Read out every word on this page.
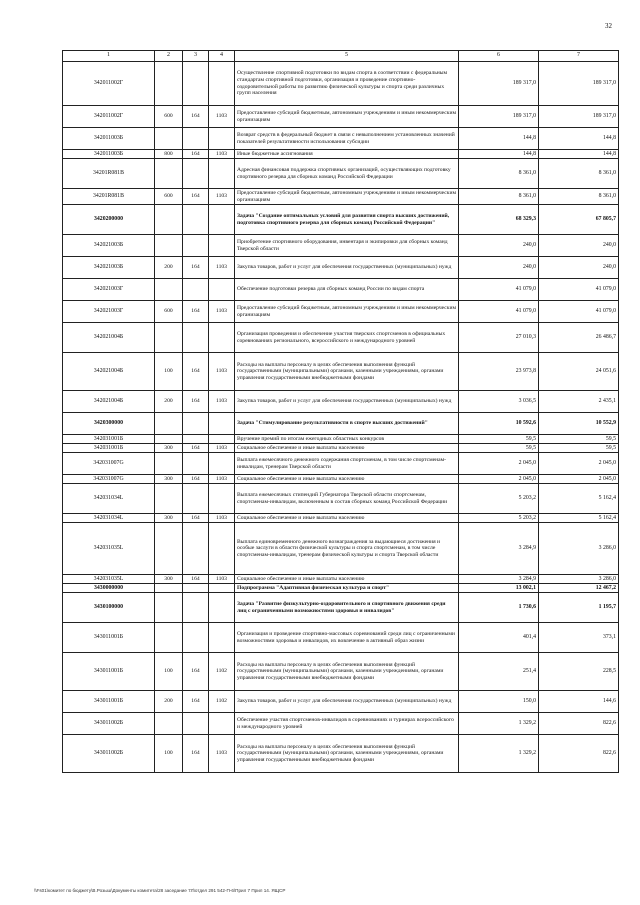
32
1	2	3	4	5	6	7
342011002Г				Осуществление спортивной подготовки по видам спорта в соответствии с федеральным стандартам спортивной подготовки, организация и проведение спортивно-оздоровительной работы по развитию физической культуры и спорта среди различных групп населения	189 317,0	189 317,0
342011002Г	600	164	1103	Предоставление субсидий бюджетным, автономным учреждениям и иным некоммерческим организациям	189 317,0	189 317,0
342011003Б				Возврат средств в федеральный бюджет в связи с невыполнением установленных значений показателей результативности использования субсидии	144,8	144,8
342011003Б	800	164	1103	Иные бюджетные ассигнования	144,8	144,8
34201R081В				Адресная финансовая поддержка спортивных организаций, осуществляющих подготовку спортивного резерва для сборных команд Российской Федерации	8 361,0	8 361,0
34201R081В	600	164	1103	Предоставление субсидий бюджетным, автономным учреждениям и иным некоммерческим организациям	8 361,0	8 361,0
3420200000				Задача "Создание оптимальных условий для развития спорта высших достижений, подготовка спортивного резерва для сборных команд Российской Федерации"	68 329,3	67 805,7
342021003Б				Приобретение спортивного оборудования, инвентаря и экипировки для сборных команд Тверской области	240,0	240,0
342021003Б	200	164	1103	Закупка товаров, работ и услуг для обеспечения государственных (муниципальных) нужд	240,0	240,0
342021003Г				Обеспечение подготовки резерва для сборных команд России по видам спорта	41 079,0	41 079,0
342021003Г	600	164	1103	Предоставление субсидий бюджетным, автономным учреждениям и иным некоммерческим организациям	41 079,0	41 079,0
342021004Б				Организация проведения и обеспечение участия тверских спортсменов в официальных соревнованиях регионального, всероссийского и международного уровней	27 010,3	26 486,7
342021004Б	100	164	1103	Расходы на выплаты персоналу в целях обеспечения выполнения функций государственными (муниципальными) органами, казенными учреждениями, органами управления государственными внебюджетными фондами	23 973,8	24 051,6
342021004Б	200	164	1103	Закупка товаров, работ и услуг для обеспечения государственных (муниципальных) нужд	3 036,5	2 435,1
3420300000				Задача "Стимулирование результативности в спорте высших достижений"	10 592,6	10 552,9
342031001Б				Вручение премий по итогам ежегодных областных конкурсов	59,5	59,5
342031001Б	300	164	1103	Социальное обеспечение и иные выплаты населению	59,5	59,5
342031007G				Выплата ежемесячного денежного содержания спортсменам, в том числе спортсменам-инвалидам, тренерам Тверской области	2 045,0	2 045,0
342031007G	300	164	1103	Социальное обеспечение и иные выплаты населению	2 045,0	2 045,0
342031034L				Выплата ежемесячных стипендий Губернатора Тверской области спортсменам, спортсменам-инвалидам, включенным в состав сборных команд Российской Федерации	5 203,2	5 162,4
342031034L	300	164	1103	Социальное обеспечение и иные выплаты населению	5 203,2	5 162,4
342031035L				Выплата единовременного денежного вознаграждения за выдающиеся достижения и особые заслуги в области физической культуры и спорта спортсменам, в том числе спортсменам-инвалидам, тренерам физической культуры и спорта Тверской области	3 284,9	3 286,0
342031035L	300	164	1103	Социальное обеспечение и иные выплаты населению	3 284,9	3 286,0
3430000000				Подпрограмма "Адаптивная физическая культура и спорт"	13 002,1	12 467,2
3430100000				Задача "Развитие физкультурно-оздоровительного и спортивного движения среди лиц с ограниченными возможностями здоровья и инвалидов"	1 730,6	1 195,7
343011001Б				Организация и проведение спортивно-массовых соревнований среди лиц с ограниченными возможностями здоровья и инвалидов, их вовлечение в активный образ жизни	401,4	373,1
343011001Б	100	164	1102	Расходы на выплаты персоналу в целях обеспечения выполнения функций государственными (муниципальными) органами, казенными учреждениями, органами управления государственными внебюджетными фондами	251,4	228,5
343011001Б	200	164	1102	Закупка товаров, работ и услуг для обеспечения государственных (муниципальных) нужд	150,0	144,6
343011002Б				Обеспечение участия спортсменов-инвалидов в соревнованиях и турнирах всероссийского и международного уровней	1 329,2	822,6
343011002Б	100	164	1103	Расходы на выплаты персоналу в целях обеспечения выполнения функций государственными (муниципальными) органами, казенными учреждениями, органами управления государственными внебюджетными фондами	1 329,2	822,6
\\Fs01\комитет по бюджету\В.Розыш\Документы комитета\28 заседание 7Л\отдел 291 542-П-6\Прил 7 Прил 14. ЯЩСР
